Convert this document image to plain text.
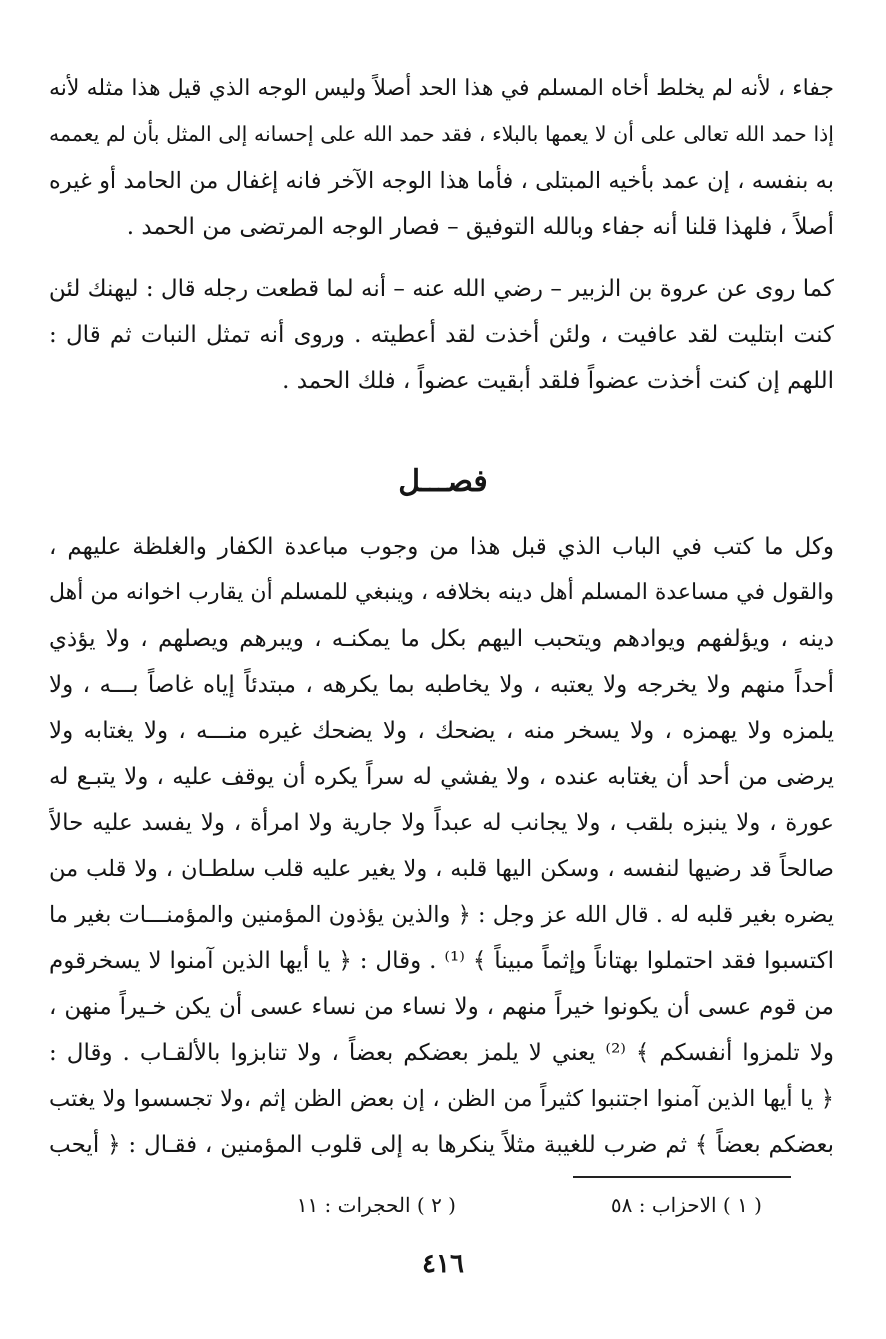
جفاء ، لأنه لم يخلط أخاه المسلم في هذا الحد أصلاً وليس الوجه الذي قيل هذا مثله لأنه
إذا حمد الله تعالى على أن لا يعمها بالبلاء ، فقد حمد الله على إحسانه إلى المثل بأن لم يعممه
به بنفسه ، إن عمد بأخيه المبتلى ، فأما هذا الوجه الآخر فانه إغفال من الحامد أو غيره
أصلاً ، فلهذا قلنا أنه جفاء وبالله التوفيق – فصار الوجه المرتضى من الحمد .
كما روى عن عروة بن الزبير – رضي الله عنه – أنه لما قطعت رجله قال : ليهنك لئن
كنت ابتليت لقد عافيت ، ولئن أخذت لقد أعطيته . وروى أنه تمثل النبات ثم قال :
اللهم إن كنت أخذت عضواً فلقد أبقيت عضواً ، فلك الحمد .
فصـــل
وكل ما كتب في الباب الذي قبل هذا من وجوب مباعدة الكفار والغلظة عليهم ،
والقول في مساعدة المسلم أهل دينه بخلافه ، وينبغي للمسلم أن يقارب اخوانه من أهل
دينه ، ويؤلفهم ويوادهم ويتحبب اليهم بكل ما يمكنـه ، ويبرهم ويصلهم ، ولا يؤذي
أحداً منهم ولا يخرجه ولا يعتبه ، ولا يخاطبه بما يكرهه ، مبتدئاً إياه غاصاً بـــه ، ولا
يلمزه ولا يهمزه ، ولا يسخر منه ، يضحك ، ولا يضحك غيره منـــه ، ولا يغتابه ولا
يرضى من أحد أن يغتابه عنده ، ولا يفشي له سراً يكره أن يوقف عليه ، ولا يتبـع له
عورة ، ولا ينبزه بلقب ، ولا يجانب له عبداً ولا جارية ولا امرأة ، ولا يفسد عليه حالاً
صالحاً قد رضيها لنفسه ، وسكن اليها قلبه ، ولا يغير عليه قلب سلطـان ، ولا قلب من
يضره بغير قلبه له . قال الله عز وجل : ﴿ والذين يؤذون المؤمنين والمؤمنـــات بغير ما
اكتسبوا فقد احتملوا بهتاناً وإثماً مبيناً ﴾ ⁽¹⁾ . وقال : ﴿ يا أيها الذين آمنوا لا يسخرقوم
من قوم عسى أن يكونوا خيراً منهم ، ولا نساء من نساء عسى أن يكن خـيراً منهن ،
ولا تلمزوا أنفسكم ﴾ ⁽²⁾ يعني لا يلمز بعضكم بعضاً ، ولا تنابزوا بالألقـاب . وقال :
﴿ يا أيها الذين آمنوا اجتنبوا كثيراً من الظن ، إن بعض الظن إثم ،ولا تجسسوا ولا يغتب
بعضكم بعضاً ﴾ ثم ضرب للغيبة مثلاً ينكرها به إلى قلوب المؤمنين ، فقـال : ﴿ أيحب
( ١ ) الاحزاب : ٥٨
( ٢ ) الحجرات : ١١
٤١٦
